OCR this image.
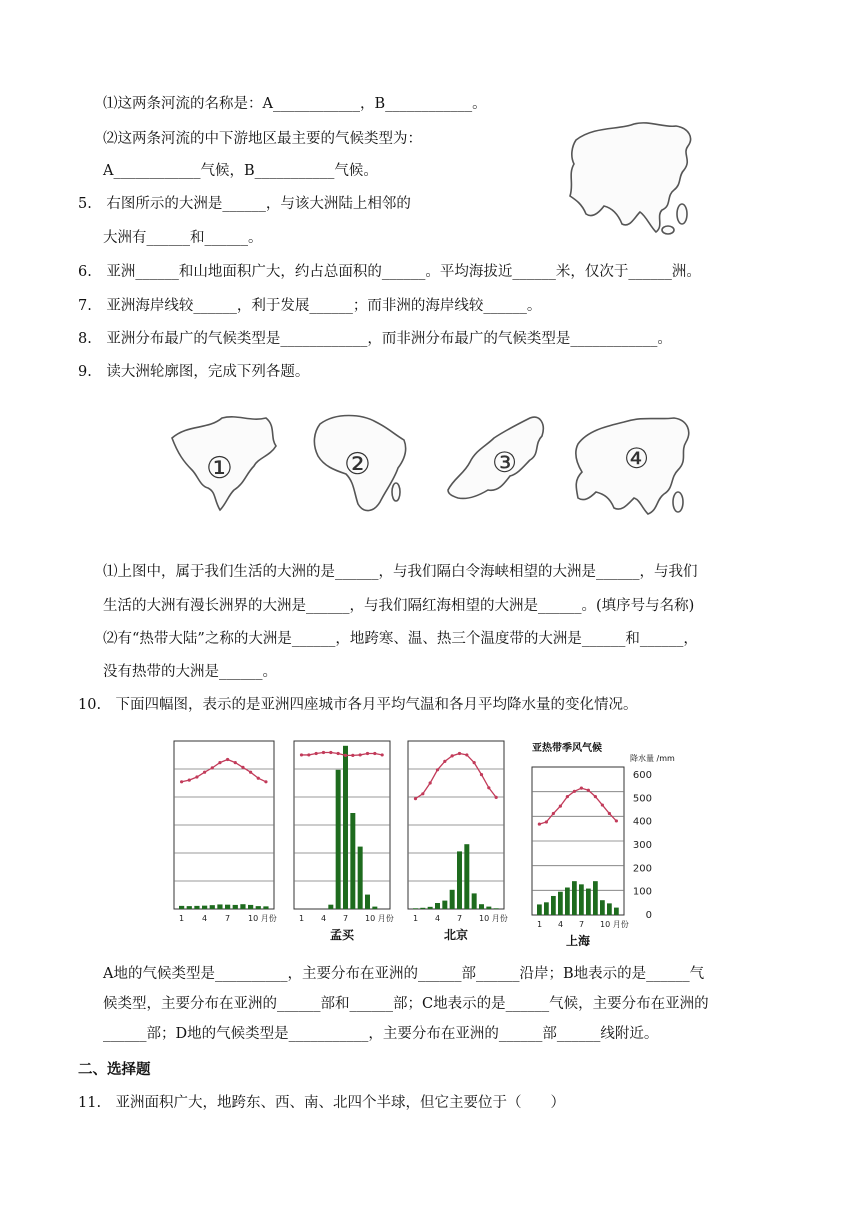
⑴这两条河流的名称是：A____________，B____________。
⑵这两条河流的中下游地区最主要的气候类型为：
A____________气候，B___________气候。
5.　右图所示的大洲是______，与该大洲陆上相邻的
大洲有______和______。
6.　亚洲______和山地面积广大，约占总面积的______。平均海拔近______米，仅次于______洲。
7.　亚洲海岸线较______，利于发展______；而非洲的海岸线较______。
8.　亚洲分布最广的气候类型是____________，而非洲分布最广的气候类型是____________。
9.　读大洲轮廓图，完成下列各题。
①	②	③	④
⑴上图中，属于我们生活的大洲的是______，与我们隔白令海峡相望的大洲是______，与我们
生活的大洲有漫长洲界的大洲是______，与我们隔红海相望的大洲是______。(填序号与名称)
⑵有“热带大陆”之称的大洲是______，地跨寒、温、热三个温度带的大洲是______和______，
没有热带的大洲是______。
10.　下面四幅图，表示的是亚洲四座城市各月平均气温和各月平均降水量的变化情况。
1 4 7 10 月份	1 4 7 10 月份
孟买
1 4 7 10 月份
北京
1 4 7 10 月份
上海
亚热带季风气候
降水量 /mm
0
100
200
300
400
500
600
A地的气候类型是__________，主要分布在亚洲的______部______沿岸；B地表示的是______气
候类型，主要分布在亚洲的______部和______部；C地表示的是______气候，主要分布在亚洲的
______部；D地的气候类型是___________，主要分布在亚洲的______部______线附近。
二、选择题
11.　亚洲面积广大，地跨东、西、南、北四个半球，但它主要位于（　　）
